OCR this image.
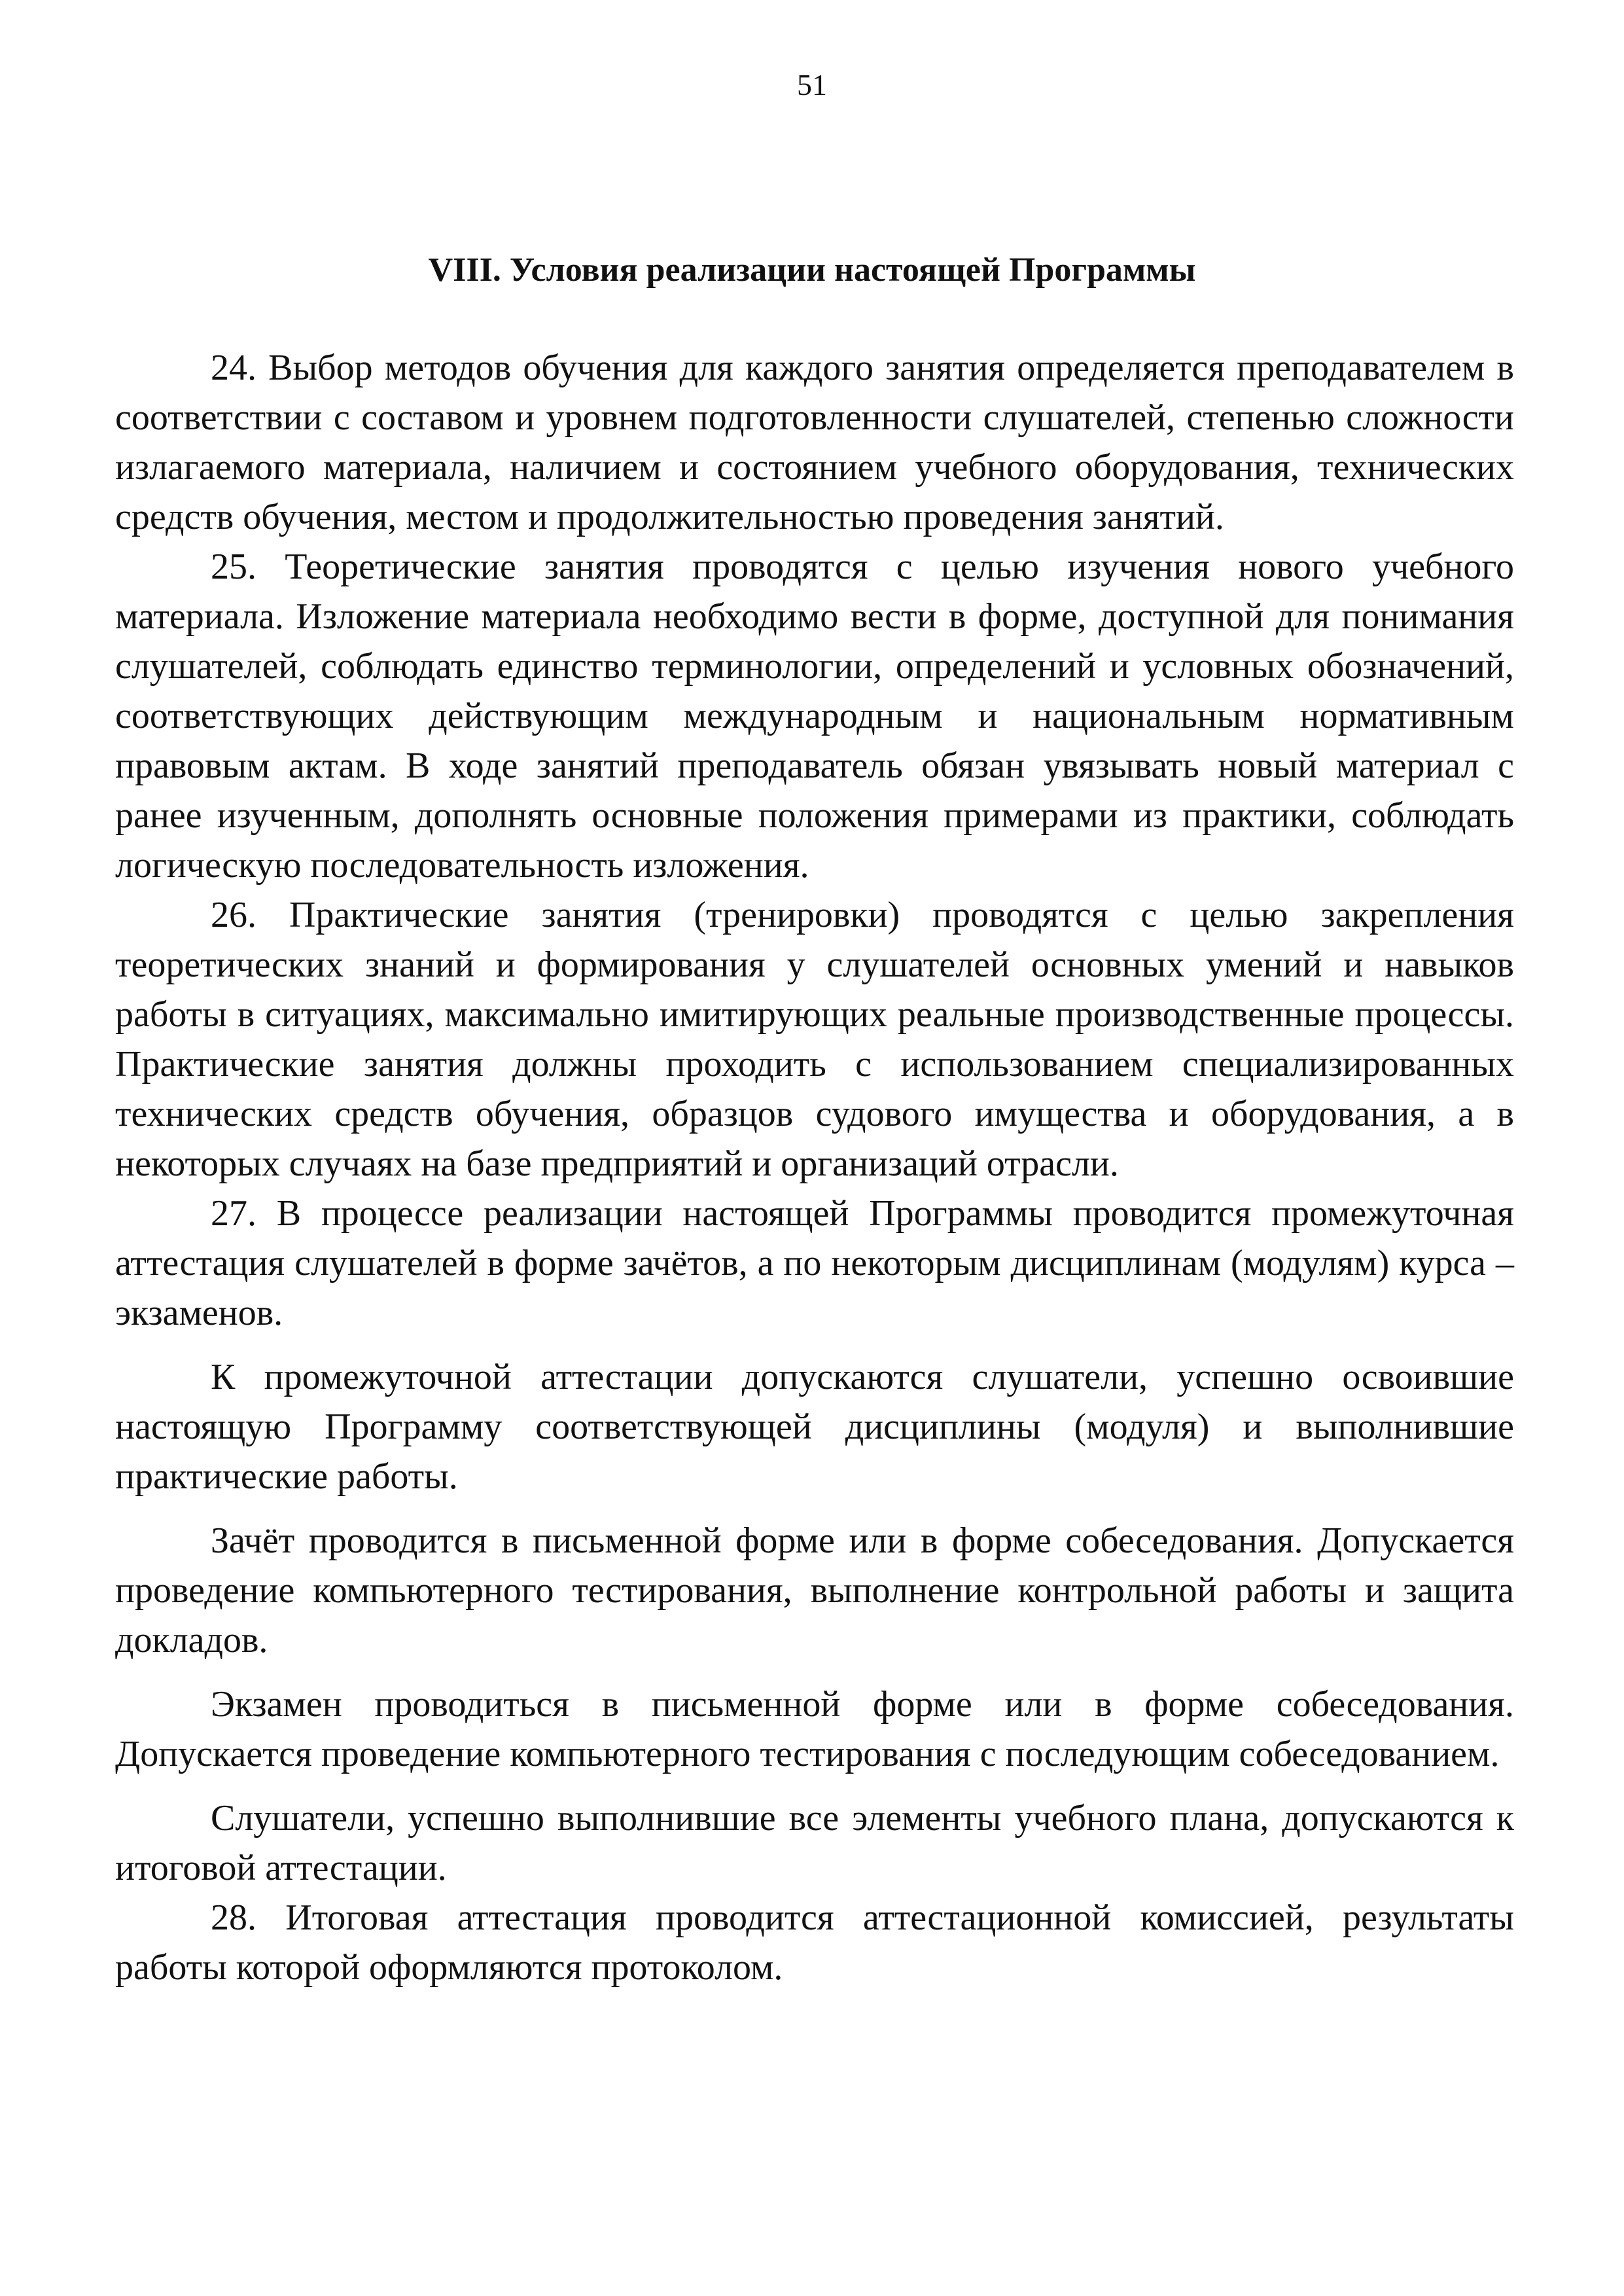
51
VIII. Условия реализации настоящей Программы

24. Выбор методов обучения для каждого занятия определяется преподавателем в соответствии с составом и уровнем подготовленности слушателей, степенью сложности излагаемого материала, наличием и состоянием учебного оборудования, технических средств обучения, местом и продолжительностью проведения занятий.

25. Теоретические занятия проводятся с целью изучения нового учебного материала. Изложение материала необходимо вести в форме, доступной для понимания слушателей, соблюдать единство терминологии, определений и условных обозначений, соответствующих действующим международным и национальным нормативным правовым актам. В ходе занятий преподаватель обязан увязывать новый материал с ранее изученным, дополнять основные положения примерами из практики, соблюдать логическую последовательность изложения.

26. Практические занятия (тренировки) проводятся с целью закрепления теоретических знаний и формирования у слушателей основных умений и навыков работы в ситуациях, максимально имитирующих реальные производственные процессы. Практические занятия должны проходить с использованием специализированных технических средств обучения, образцов судового имущества и оборудования, а в некоторых случаях на базе предприятий и организаций отрасли.

27. В процессе реализации настоящей Программы проводится промежуточная аттестация слушателей в форме зачётов, а по некоторым дисциплинам (модулям) курса – экзаменов.

К промежуточной аттестации допускаются слушатели, успешно освоившие настоящую Программу соответствующей дисциплины (модуля) и выполнившие практические работы.

Зачёт проводится в письменной форме или в форме собеседования. Допускается проведение компьютерного тестирования, выполнение контрольной работы и защита докладов.

Экзамен проводиться в письменной форме или в форме собеседования. Допускается проведение компьютерного тестирования с последующим собеседованием.

Слушатели, успешно выполнившие все элементы учебного плана, допускаются к итоговой аттестации.

28. Итоговая аттестация проводится аттестационной комиссией, результаты работы которой оформляются протоколом.
